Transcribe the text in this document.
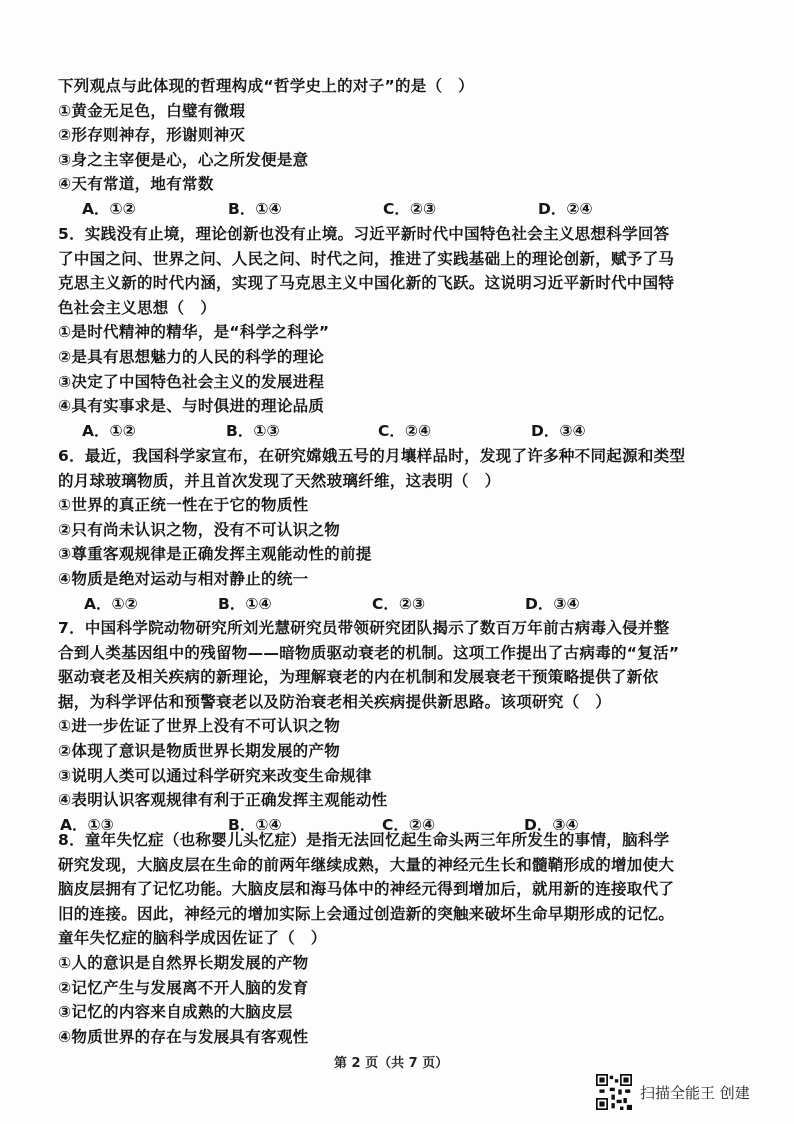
下列观点与此体现的哲理构成“哲学史上的对子”的是（　）
①黄金无足色，白璧有微瑕
②形存则神存，形谢则神灭
③身之主宰便是心，心之所发便是意
④天有常道，地有常数
A．①②	B．①④	C．②③	D．②④
5．实践没有止境，理论创新也没有止境。习近平新时代中国特色社会主义思想科学回答
了中国之问、世界之问、人民之问、时代之问，推进了实践基础上的理论创新，赋予了马
克思主义新的时代内涵，实现了马克思主义中国化新的飞跃。这说明习近平新时代中国特
色社会主义思想（　）
①是时代精神的精华，是“科学之科学”
②是具有思想魅力的人民的科学的理论
③决定了中国特色社会主义的发展进程
④具有实事求是、与时俱进的理论品质
A．①②	B．①③	C．②④	D．③④
6．最近，我国科学家宣布，在研究嫦娥五号的月壤样品时，发现了许多种不同起源和类型
的月球玻璃物质，并且首次发现了天然玻璃纤维，这表明（　）
①世界的真正统一性在于它的物质性
②只有尚未认识之物，没有不可认识之物
③尊重客观规律是正确发挥主观能动性的前提
④物质是绝对运动与相对静止的统一
A．①②	B．①④	C．②③	D．③④
7．中国科学院动物研究所刘光慧研究员带领研究团队揭示了数百万年前古病毒入侵并整
合到人类基因组中的残留物——暗物质驱动衰老的机制。这项工作提出了古病毒的“复活”
驱动衰老及相关疾病的新理论，为理解衰老的内在机制和发展衰老干预策略提供了新依
据，为科学评估和预警衰老以及防治衰老相关疾病提供新思路。该项研究（　）
①进一步佐证了世界上没有不可认识之物
②体现了意识是物质世界长期发展的产物
③说明人类可以通过科学研究来改变生命规律
④表明认识客观规律有利于正确发挥主观能动性
A．①③	B．①④	C．②④	D．③④
8．童年失忆症（也称婴儿头忆症）是指无法回忆起生命头两三年所发生的事情，脑科学
研究发现，大脑皮层在生命的前两年继续成熟，大量的神经元生长和髓鞘形成的增加使大
脑皮层拥有了记忆功能。大脑皮层和海马体中的神经元得到增加后，就用新的连接取代了
旧的连接。因此，神经元的增加实际上会通过创造新的突触来破坏生命早期形成的记忆。
童年失忆症的脑科学成因佐证了（　）
①人的意识是自然界长期发展的产物
②记忆产生与发展离不开人脑的发育
③记忆的内容来自成熟的大脑皮层
④物质世界的存在与发展具有客观性
　　　　　　　　第 2 页（共 7 页）
扫描全能王 创建
